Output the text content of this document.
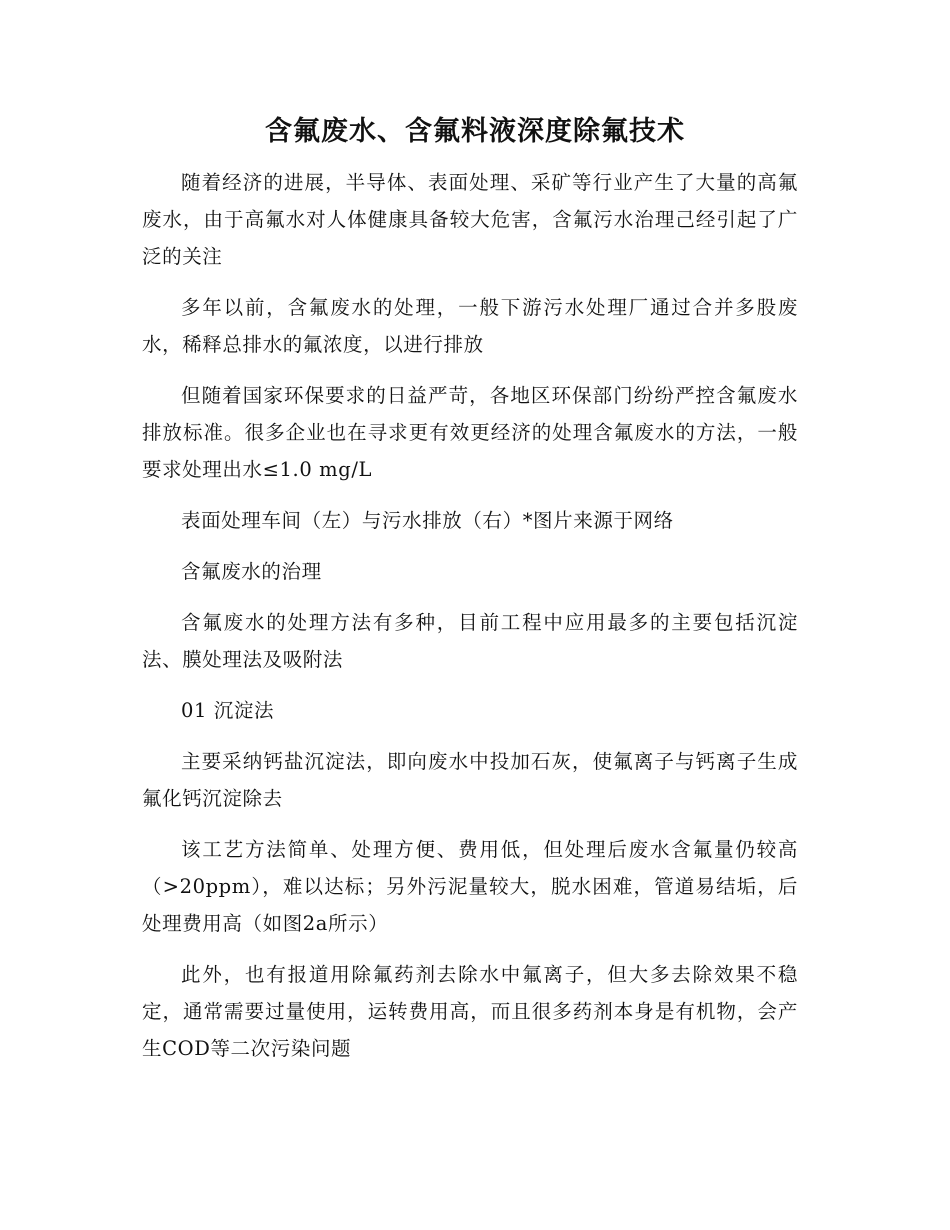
含氟废水、含氟料液深度除氟技术

随着经济的进展，半导体、表面处理、采矿等行业产生了大量的高氟废水，由于高氟水对人体健康具备较大危害，含氟污水治理己经引起了广泛的关注

多年以前，含氟废水的处理，一般下游污水处理厂通过合并多股废水，稀释总排水的氟浓度，以进行排放

但随着国家环保要求的日益严苛，各地区环保部门纷纷严控含氟废水排放标准。很多企业也在寻求更有效更经济的处理含氟废水的方法，一般要求处理出水≤1.0 mg/L

表面处理车间（左）与污水排放（右）*图片来源于网络

含氟废水的治理

含氟废水的处理方法有多种，目前工程中应用最多的主要包括沉淀法、膜处理法及吸附法

01 沉淀法

主要采纳钙盐沉淀法，即向废水中投加石灰，使氟离子与钙离子生成氟化钙沉淀除去

该工艺方法简单、处理方便、费用低，但处理后废水含氟量仍较高（>20ppm），难以达标；另外污泥量较大，脱水困难，管道易结垢，后处理费用高（如图2a所示）

此外，也有报道用除氟药剂去除水中氟离子，但大多去除效果不稳定，通常需要过量使用，运转费用高，而且很多药剂本身是有机物，会产生COD等二次污染问题
